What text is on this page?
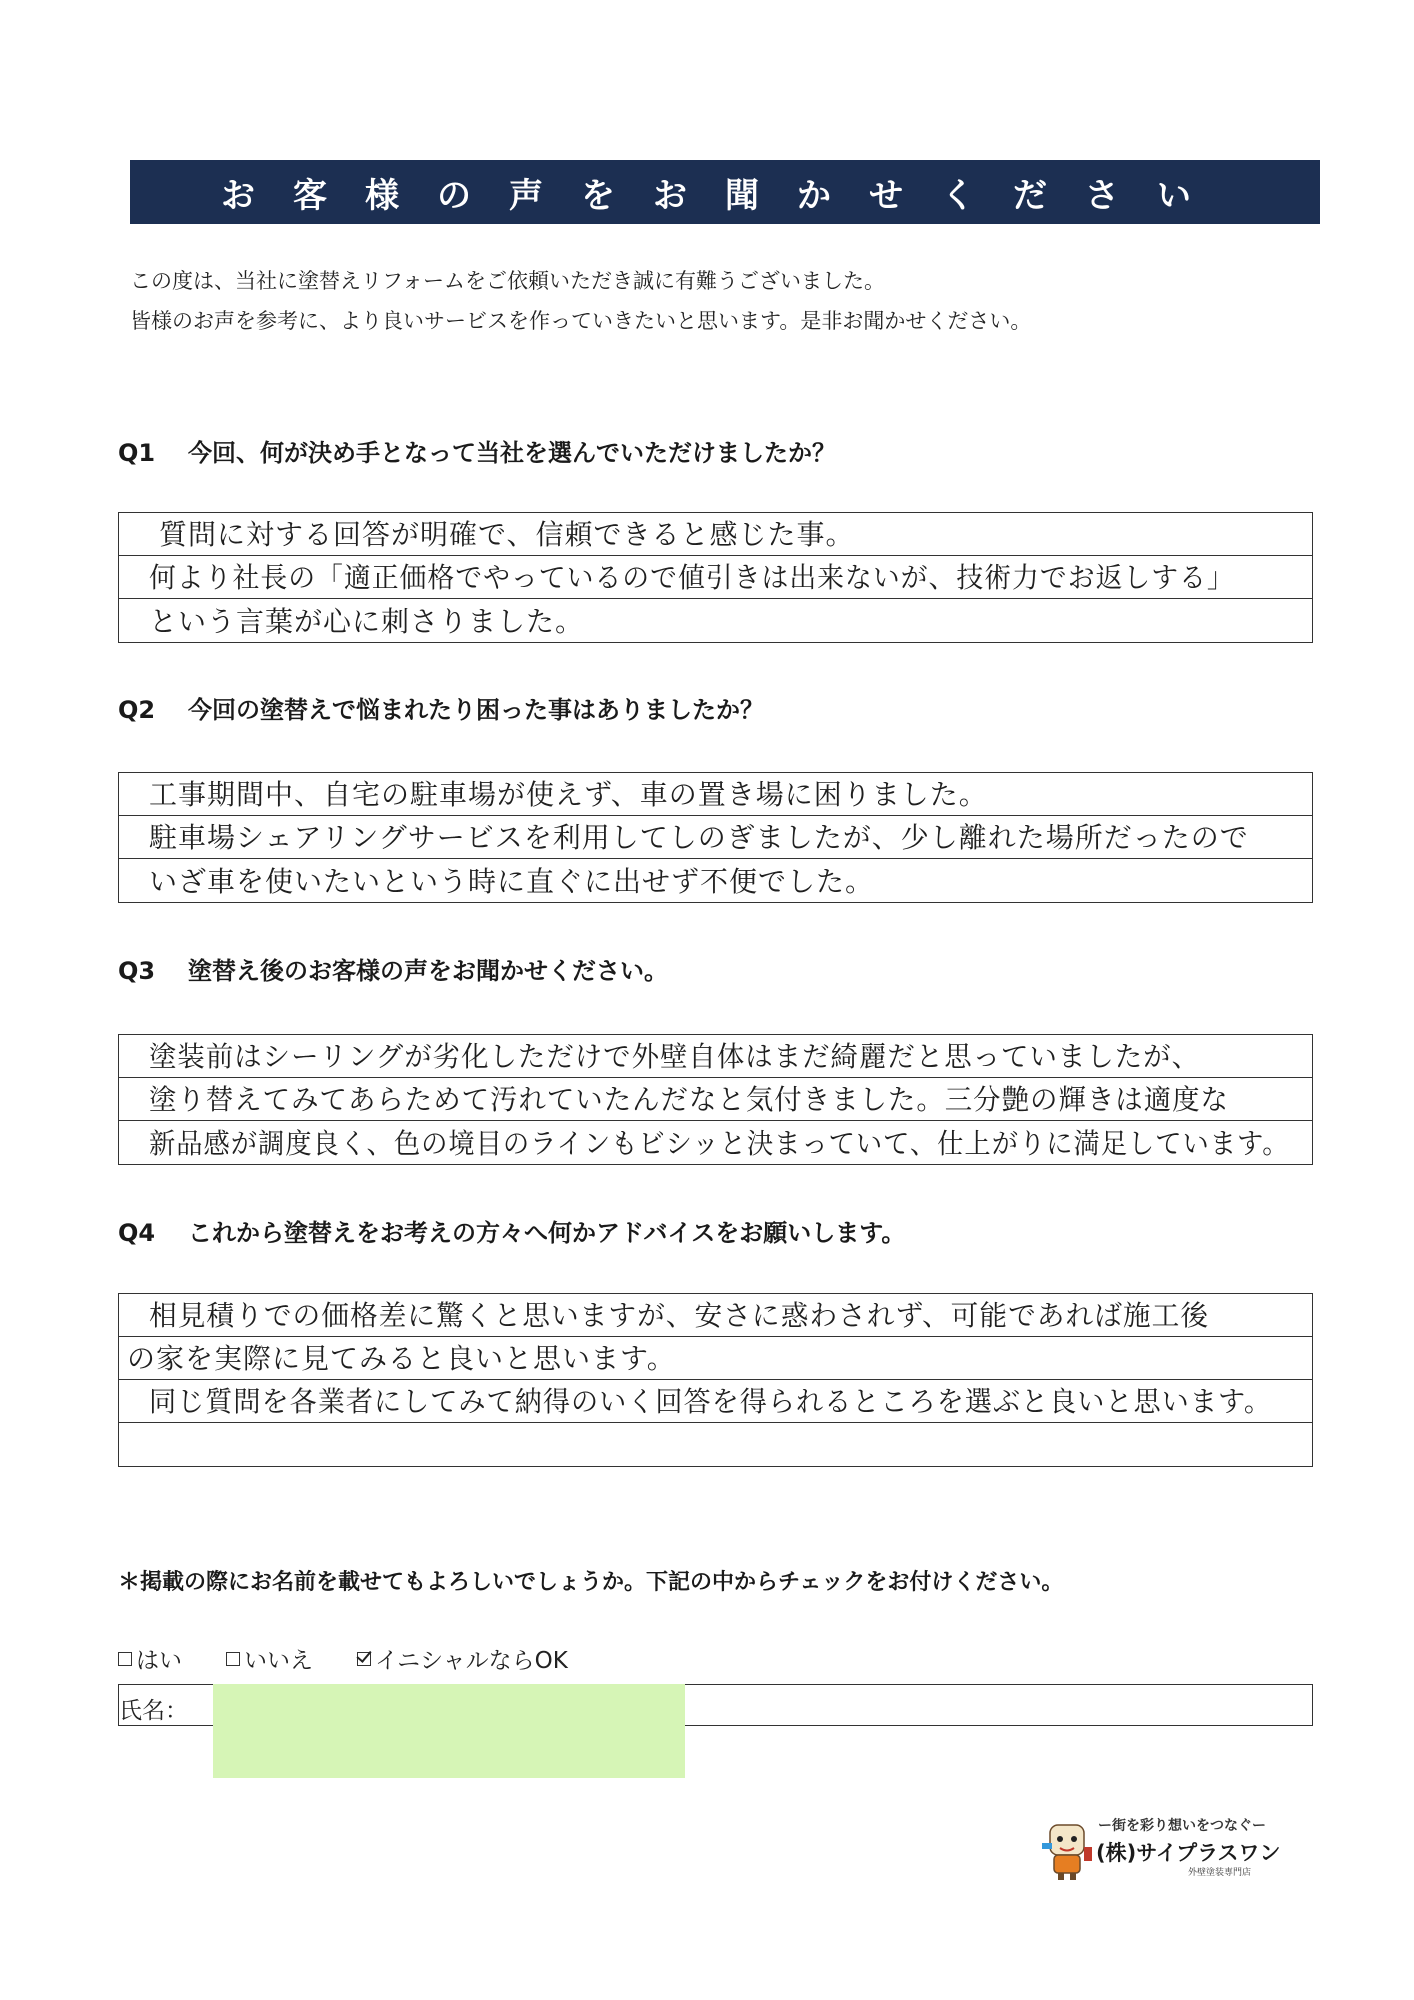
お客様の声をお聞かせください
この度は、当社に塗替えリフォームをご依頼いただき誠に有難うございました。
皆様のお声を参考に、より良いサービスを作っていきたいと思います。是非お聞かせください。
Q1 今回、何が決め手となって当社を選んでいただけましたか？
質問に対する回答が明確で、信頼できると感じた事。
何より社長の「適正価格でやっているので値引きは出来ないが、技術力でお返しする」
という言葉が心に刺さりました。
Q2 今回の塗替えで悩まれたり困った事はありましたか？
工事期間中、自宅の駐車場が使えず、車の置き場に困りました。
駐車場シェアリングサービスを利用してしのぎましたが、少し離れた場所だったので
いざ車を使いたいという時に直ぐに出せず不便でした。
Q3 塗替え後のお客様の声をお聞かせください。
塗装前はシーリングが劣化しただけで外壁自体はまだ綺麗だと思っていましたが、
塗り替えてみてあらためて汚れていたんだなと気付きました。三分艶の輝きは適度な
新品感が調度良く、色の境目のラインもビシッと決まっていて、仕上がりに満足しています。
Q4 これから塗替えをお考えの方々へ何かアドバイスをお願いします。
相見積りでの価格差に驚くと思いますが、安さに惑わされず、可能であれば施工後
の家を実際に見てみると良いと思います。
同じ質問を各業者にしてみて納得のいく回答を得られるところを選ぶと良いと思います。
＊掲載の際にお名前を載せてもよろしいでしょうか。下記の中からチェックをお付けください。
はい	いいえ	イニシャルならOK
氏名：
ー街を彩り想いをつなぐー
(株)サイプラスワン
外壁塗装専門店
